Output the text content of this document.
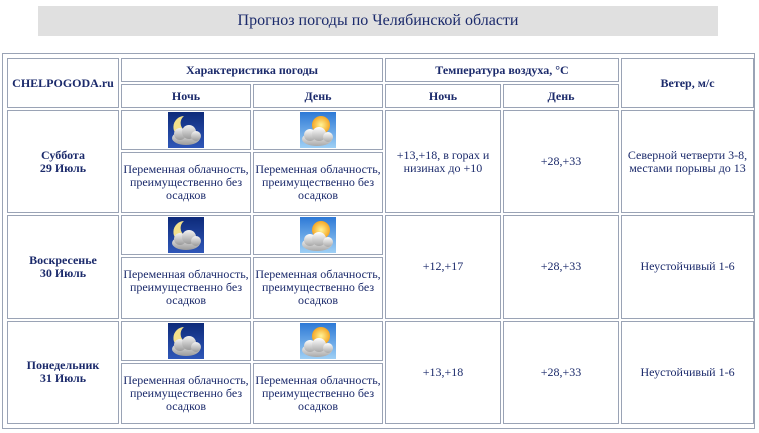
Прогноз погоды по Челябинской области
CHELPOGODA.ru	Характеристика погоды		Температура воздуха, °С		Ветер, м/с
	Ночь	День	Ночь	День	

Суббота
29 Июль			+13,+18, в горах и низинах до +10	+28,+33	Северной четверти 3-8, местами порывы до 13
	Переменная облачность, преимущественно без осадков	Переменная облачность, преимущественно без осадков			

Воскресенье
30 Июль			+12,+17	+28,+33	Неустойчивый 1-6
	Переменная облачность, преимущественно без осадков	Переменная облачность, преимущественно без осадков			

Понедельник
31 Июль			+13,+18	+28,+33	Неустойчивый 1-6
	Переменная облачность, преимущественно без осадков	Переменная облачность, преимущественно без осадков			
